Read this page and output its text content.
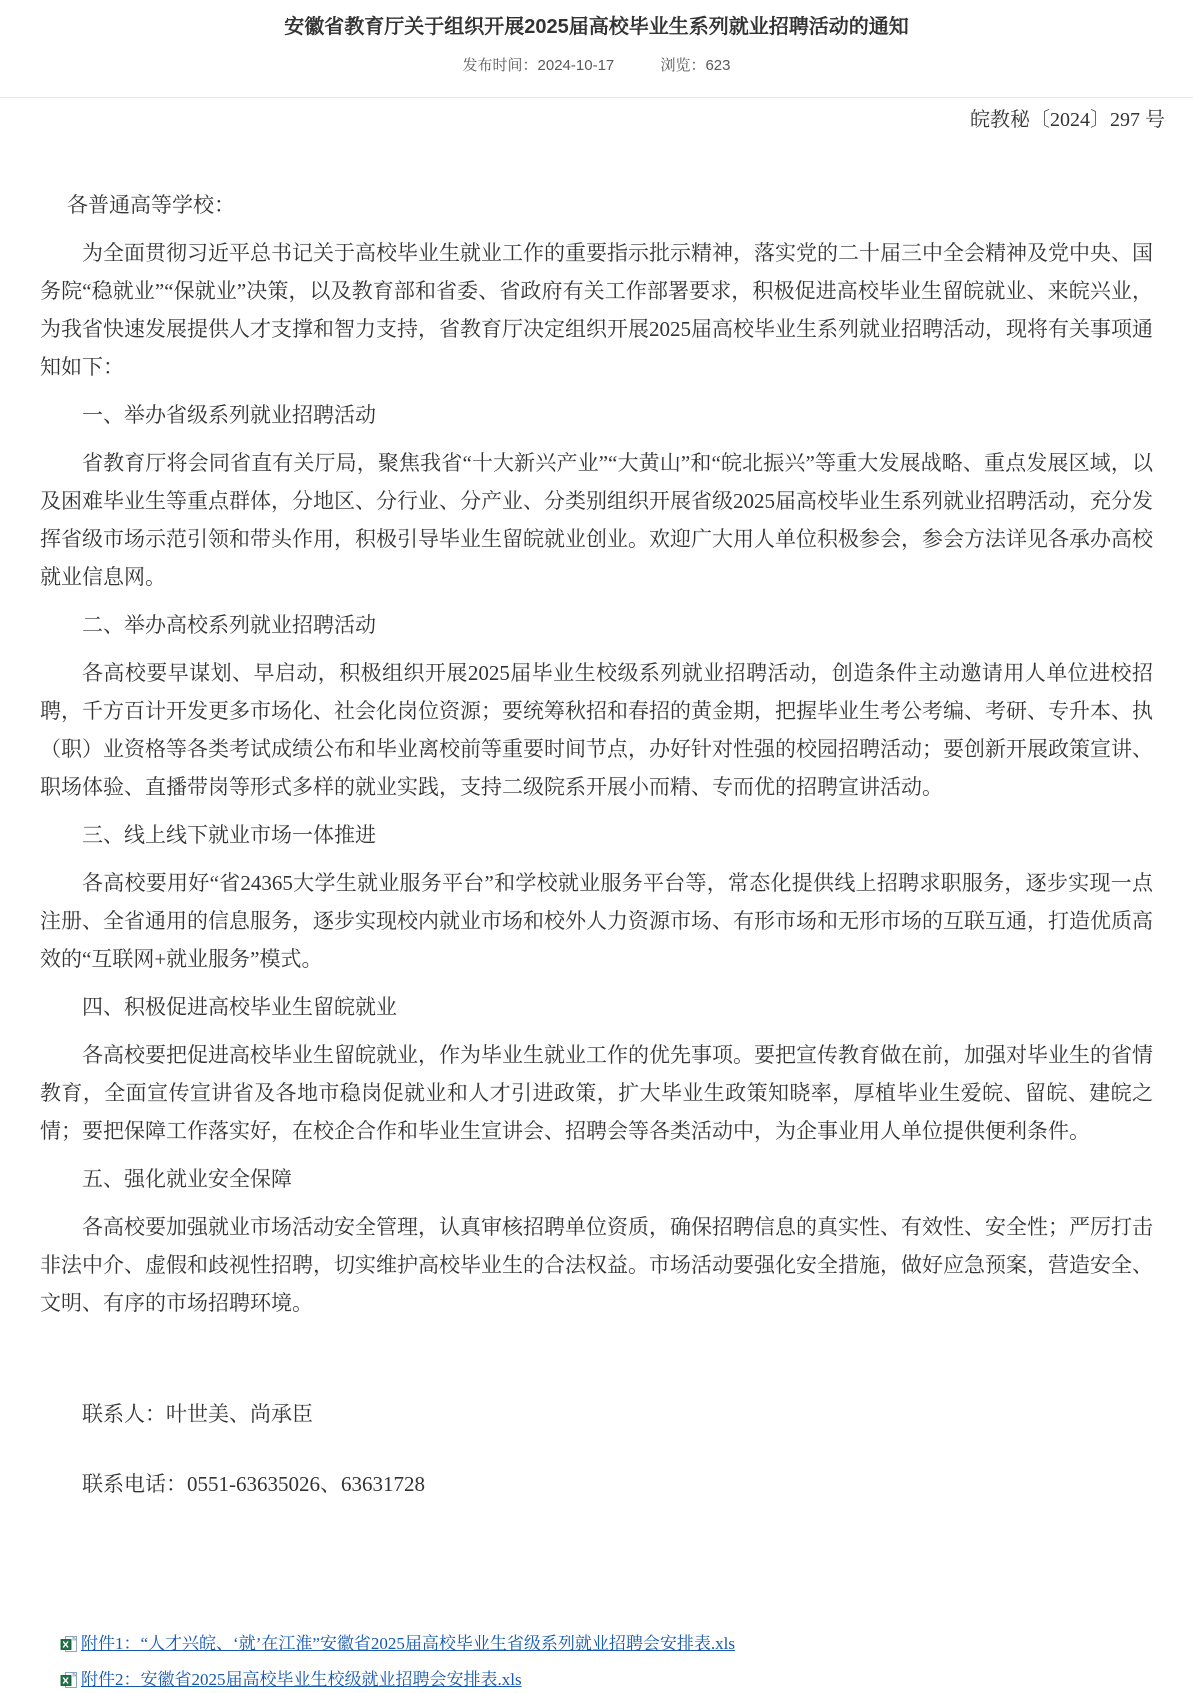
安徽省教育厅关于组织开展2025届高校毕业生系列就业招聘活动的通知
发布时间：2024-10-17	浏览：623
皖教秘〔2024〕297 号

各普通高等学校：

为全面贯彻习近平总书记关于高校毕业生就业工作的重要指示批示精神，落实党的二十届三中全会精神及党中央、国务院“稳就业”“保就业”决策，以及教育部和省委、省政府有关工作部署要求，积极促进高校毕业生留皖就业、来皖兴业，为我省快速发展提供人才支撑和智力支持，省教育厅决定组织开展2025届高校毕业生系列就业招聘活动，现将有关事项通知如下：

一、举办省级系列就业招聘活动

省教育厅将会同省直有关厅局，聚焦我省“十大新兴产业”“大黄山”和“皖北振兴”等重大发展战略、重点发展区域，以及困难毕业生等重点群体，分地区、分行业、分产业、分类别组织开展省级2025届高校毕业生系列就业招聘活动，充分发挥省级市场示范引领和带头作用，积极引导毕业生留皖就业创业。欢迎广大用人单位积极参会，参会方法详见各承办高校就业信息网。

二、举办高校系列就业招聘活动

各高校要早谋划、早启动，积极组织开展2025届毕业生校级系列就业招聘活动，创造条件主动邀请用人单位进校招聘，千方百计开发更多市场化、社会化岗位资源；要统筹秋招和春招的黄金期，把握毕业生考公考编、考研、专升本、执（职）业资格等各类考试成绩公布和毕业离校前等重要时间节点，办好针对性强的校园招聘活动；要创新开展政策宣讲、职场体验、直播带岗等形式多样的就业实践，支持二级院系开展小而精、专而优的招聘宣讲活动。

三、线上线下就业市场一体推进

各高校要用好“省24365大学生就业服务平台”和学校就业服务平台等，常态化提供线上招聘求职服务，逐步实现一点注册、全省通用的信息服务，逐步实现校内就业市场和校外人力资源市场、有形市场和无形市场的互联互通，打造优质高效的“互联网+就业服务”模式。

四、积极促进高校毕业生留皖就业

各高校要把促进高校毕业生留皖就业，作为毕业生就业工作的优先事项。要把宣传教育做在前，加强对毕业生的省情教育，全面宣传宣讲省及各地市稳岗促就业和人才引进政策，扩大毕业生政策知晓率，厚植毕业生爱皖、留皖、建皖之情；要把保障工作落实好，在校企合作和毕业生宣讲会、招聘会等各类活动中，为企事业用人单位提供便利条件。

五、强化就业安全保障

各高校要加强就业市场活动安全管理，认真审核招聘单位资质，确保招聘信息的真实性、有效性、安全性；严厉打击非法中介、虚假和歧视性招聘，切实维护高校毕业生的合法权益。市场活动要强化安全措施，做好应急预案，营造安全、文明、有序的市场招聘环境。

联系人：叶世美、尚承臣

联系电话：0551-63635026、63631728

附件1：“人才兴皖、‘就’在江淮”安徽省2025届高校毕业生省级系列就业招聘会安排表.xls
附件2：安徽省2025届高校毕业生校级就业招聘会安排表.xls
